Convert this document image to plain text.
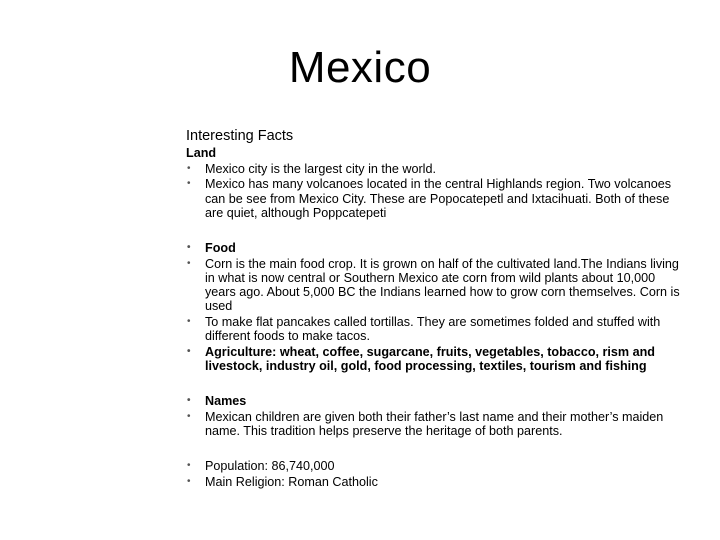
Mexico
Interesting Facts
Land
• Mexico city is the largest city in the world.
• Mexico has many volcanoes located in the central Highlands region. Two volcanoes can be see from Mexico City. These are Popocatepetl and Ixtacihuati. Both of these are quiet, although Poppcatepeti
• Food
• Corn is the main food crop. It is grown on half of the cultivated land.The Indians living in what is now central or Southern Mexico ate corn from wild plants about 10,000 years ago. About 5,000 BC the Indians learned how to grow corn themselves. Corn is used
• To make flat pancakes called tortillas. They are sometimes folded and stuffed with different foods to make tacos.
• Agriculture: wheat, coffee, sugarcane, fruits, vegetables, tobacco, rism and livestock, industry oil, gold, food processing, textiles, tourism and fishing
• Names
• Mexican children are given both their father’s last name and their mother’s maiden name. This tradition helps preserve the heritage of both parents.
• Population: 86,740,000
• Main Religion: Roman Catholic
